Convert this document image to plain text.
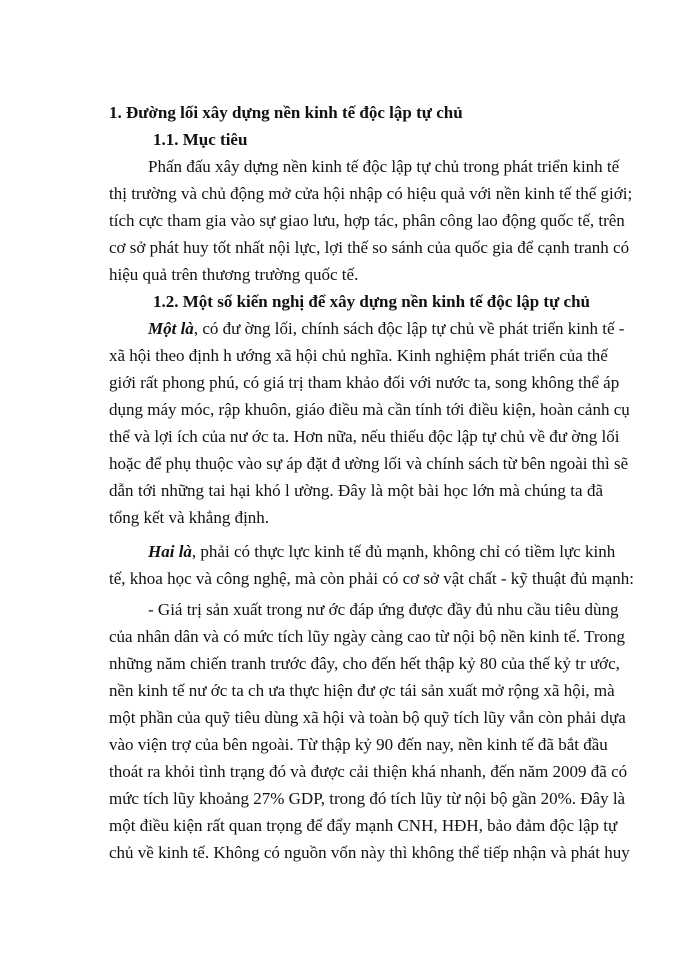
1. Đường lối xây dựng nền kinh tế độc lập tự chủ
1.1. Mục tiêu
Phấn đấu xây dựng nền kinh tế độc lập tự chủ trong phát triển kinh tế
thị trường và chủ động mở cửa hội nhập có hiệu quả với nền kinh tế thế giới;
tích cực tham gia vào sự giao lưu, hợp tác, phân công lao động quốc tế, trên
cơ sở phát huy tốt nhất nội lực, lợi thế so sánh của quốc gia để cạnh tranh có
hiệu quả trên thương trường quốc tế.
1.2. Một số kiến nghị để xây dựng nền kinh tế độc lập tự chủ
Một là, có đư ờng lối, chính sách độc lập tự chủ về phát triển kinh tế -
xã hội theo định h ướng xã hội chủ nghĩa. Kinh nghiệm phát triển của thế
giới rất phong phú, có giá trị tham khảo đối với nước ta, song không thể áp
dụng máy móc, rập khuôn, giáo điều mà cần tính tới điều kiện, hoàn cảnh cụ
thể và lợi ích của nư ớc ta. Hơn nữa, nếu thiếu độc lập tự chủ về đư ờng lối
hoặc để phụ thuộc vào sự áp đặt đ ường lối và chính sách từ bên ngoài thì sẽ
dẫn tới những tai hại khó l ường. Đây là một bài học lớn mà chúng ta đã
tổng kết và khẳng định.
Hai là, phải có thực lực kinh tế đủ mạnh, không chỉ có tiềm lực kinh
tế, khoa học và công nghệ, mà còn phải có cơ sở vật chất - kỹ thuật đủ mạnh:
- Giá trị sản xuất trong nư ớc đáp ứng được đầy đủ nhu cầu tiêu dùng
của nhân dân và có mức tích lũy ngày càng cao từ nội bộ nền kinh tế. Trong
những năm chiến tranh trước đây, cho đến hết thập kỷ 80 của thế kỷ tr ước,
nền kinh tế nư ớc ta ch ưa thực hiện đư ợc tái sản xuất mở rộng xã hội, mà
một phần của quỹ tiêu dùng xã hội và toàn bộ quỹ tích lũy vẫn còn phải dựa
vào viện trợ của bên ngoài. Từ thập kỷ 90 đến nay, nền kinh tế đã bắt đầu
thoát ra khỏi tình trạng đó và được cải thiện khá nhanh, đến năm 2009 đã có
mức tích lũy khoảng 27% GDP, trong đó tích lũy từ nội bộ gần 20%. Đây là
một điều kiện rất quan trọng để đẩy mạnh CNH, HĐH, bảo đảm độc lập tự
chủ về kinh tế. Không có nguồn vốn này thì không thể tiếp nhận và phát huy
